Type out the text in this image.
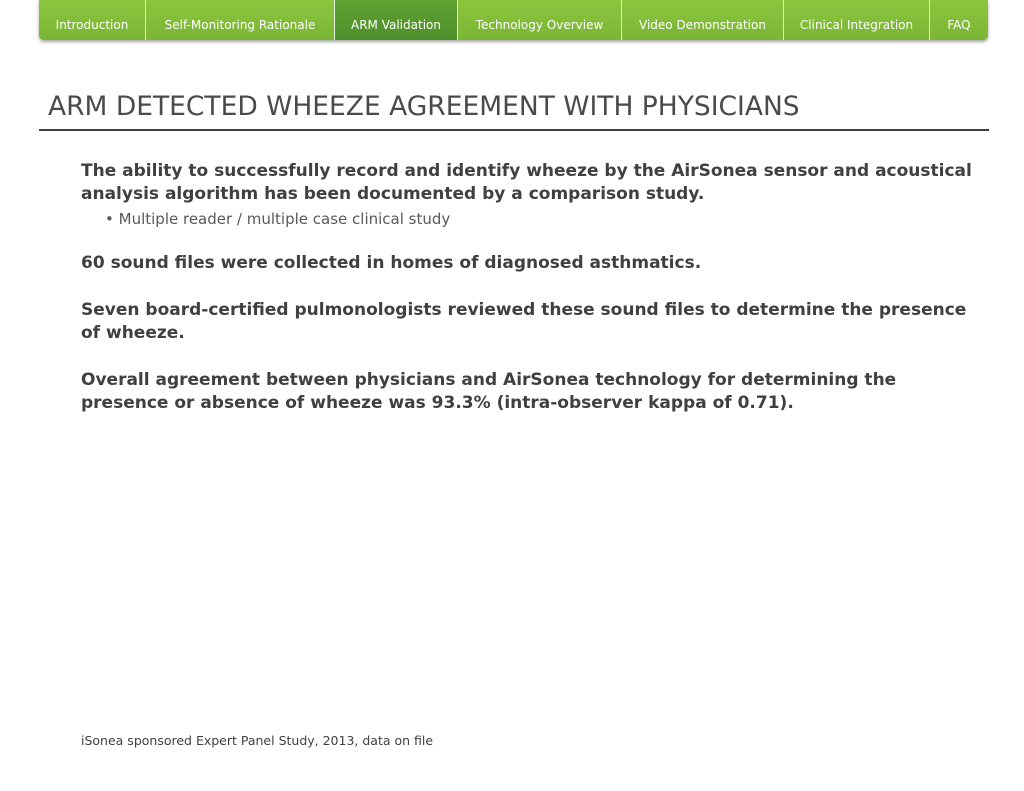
Introduction	Self-Monitoring Rationale	ARM Validation	Technology Overview	Video Demonstration	Clinical Integration	FAQ
ARM DETECTED WHEEZE AGREEMENT WITH PHYSICIANS

The ability to successfully record and identify wheeze by the AirSonea sensor and acoustical analysis algorithm has been documented by a comparison study.

• Multiple reader / multiple case clinical study

60 sound files were collected in homes of diagnosed asthmatics.

Seven board-certified pulmonologists reviewed these sound files to determine the presence of wheeze.

Overall agreement between physicians and AirSonea technology for determining the presence or absence of wheeze was 93.3% (intra-observer kappa of 0.71).

iSonea sponsored Expert Panel Study, 2013, data on file
